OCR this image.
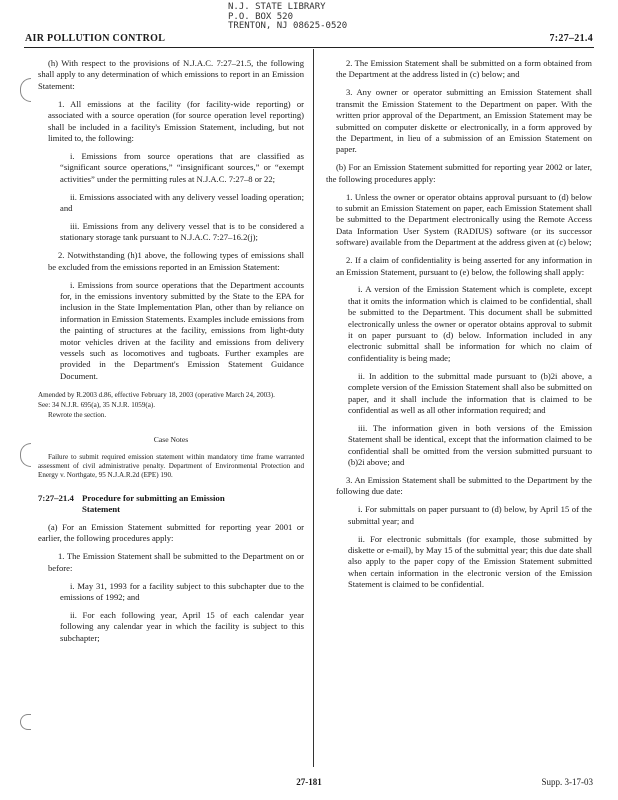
N.J. STATE LIBRARY
P.O. BOX 520
TRENTON, NJ 08625-0520
AIR POLLUTION CONTROL	7:27–21.4

(h) With respect to the provisions of N.J.A.C. 7:27–21.5, the following shall apply to any determination of which emissions to report in an Emission Statement:

1. All emissions at the facility (for facility-wide reporting) or associated with a source operation (for source operation level reporting) shall be included in a facility's Emission Statement, including, but not limited to, the following:

i. Emissions from source operations that are classified as “significant source operations,” “insignificant sources,” or “exempt activities” under the permitting rules at N.J.A.C. 7:27–8 or 22;

ii. Emissions associated with any delivery vessel loading operation; and

iii. Emissions from any delivery vessel that is to be considered a stationary storage tank pursuant to N.J.A.C. 7:27–16.2(j);

2. Notwithstanding (h)1 above, the following types of emissions shall be excluded from the emissions reported in an Emission Statement:

i. Emissions from source operations that the Department accounts for, in the emissions inventory submitted by the State to the EPA for inclusion in the State Implementation Plan, other than by reliance on information in Emission Statements. Examples include emissions from the painting of structures at the facility, emissions from light-duty motor vehicles driven at the facility and emissions from delivery vessels such as locomotives and tugboats. Further examples are provided in the Department's Emission Statement Guidance Document.

Amended by R.2003 d.86, effective February 18, 2003 (operative March 24, 2003).

See: 34 N.J.R. 695(a), 35 N.J.R. 1059(a).

Rewrote the section.

Case Notes

Failure to submit required emission statement within mandatory time frame warranted assessment of civil administrative penalty. Department of Environmental Protection and Energy v. Northgate, 95 N.J.A.R.2d (EPE) 190.

7:27–21.4 Procedure for submitting an Emission
Statement

(a) For an Emission Statement submitted for reporting year 2001 or earlier, the following procedures apply:

1. The Emission Statement shall be submitted to the Department on or before:

i. May 31, 1993 for a facility subject to this subchapter due to the emissions of 1992; and

ii. For each following year, April 15 of each calendar year following any calendar year in which the facility is subject to this subchapter;

2. The Emission Statement shall be submitted on a form obtained from the Department at the address listed in (c) below; and

3. Any owner or operator submitting an Emission Statement shall transmit the Emission Statement to the Department on paper. With the written prior approval of the Department, an Emission Statement may be submitted on computer diskette or electronically, in a form approved by the Department, in lieu of a submission of an Emission Statement on paper.

(b) For an Emission Statement submitted for reporting year 2002 or later, the following procedures apply:

1. Unless the owner or operator obtains approval pursuant to (d) below to submit an Emission Statement on paper, each Emission Statement shall be submitted to the Department electronically using the Remote Access Data Information User System (RADIUS) software (or its successor software) available from the Department at the address given at (c) below;

2. If a claim of confidentiality is being asserted for any information in an Emission Statement, pursuant to (e) below, the following shall apply:

i. A version of the Emission Statement which is complete, except that it omits the information which is claimed to be confidential, shall be submitted to the Department. This document shall be submitted electronically unless the owner or operator obtains approval to submit it on paper pursuant to (d) below. Information included in any electronic submittal shall be information for which no claim of confidentiality is being made;

ii. In addition to the submittal made pursuant to (b)2i above, a complete version of the Emission Statement shall also be submitted on paper, and it shall include the information that is claimed to be confidential as well as all other information required; and

iii. The information given in both versions of the Emission Statement shall be identical, except that the information claimed to be confidential shall be omitted from the version submitted pursuant to (b)2i above; and

3. An Emission Statement shall be submitted to the Department by the following due date:

i. For submittals on paper pursuant to (d) below, by April 15 of the submittal year; and

ii. For electronic submittals (for example, those submitted by diskette or e-mail), by May 15 of the submittal year; this due date shall also apply to the paper copy of the Emission Statement submitted when certain information in the electronic version of the Emission Statement is claimed to be confidential.

27-181	Supp. 3-17-03
